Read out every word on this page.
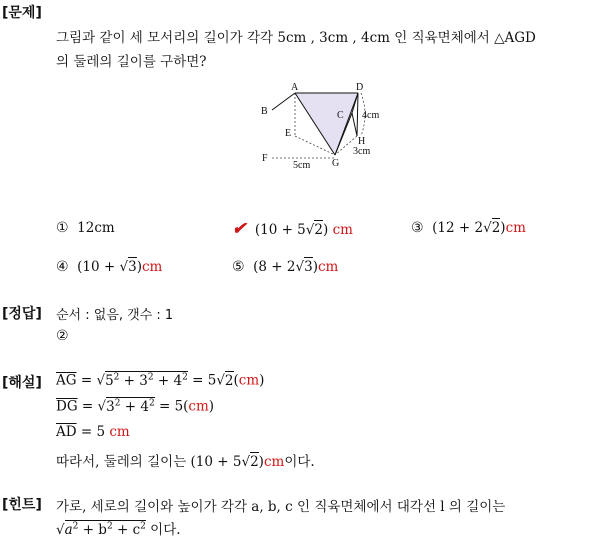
[문제]
그림과 같이 세 모서리의 길이가 각각 5cm , 3cm , 4cm 인 직육면체에서 △AGD
의 둘레의 길이를 구하면?
A
B	C
D
E
F	G
H
5cm
3cm
4cm
① 12cm	✔ (10 + 5√2) cm	③ (12 + 2√2)cm
④ (10 + √3)cm	⑤ (8 + 2√3)cm
[정답] 순서 : 없음, 갯수 : 1
②
[해설] $\overline{AG} = √5^2 + 3^2 + 4^2 = 5√2(cm)$
$\overline{DG} = √3^2 + 4^2 = 5(cm)$
$\overline{AD} = 5$ cm
따라서, 둘레의 길이는 (10 + 5√2)cm이다.
[힌트] 가로, 세로의 길이와 높이가 각각 a, b, c 인 직육면체에서 대각선 l 의 길이는
$√a^2 + b^2 + c^2$ 이다.
